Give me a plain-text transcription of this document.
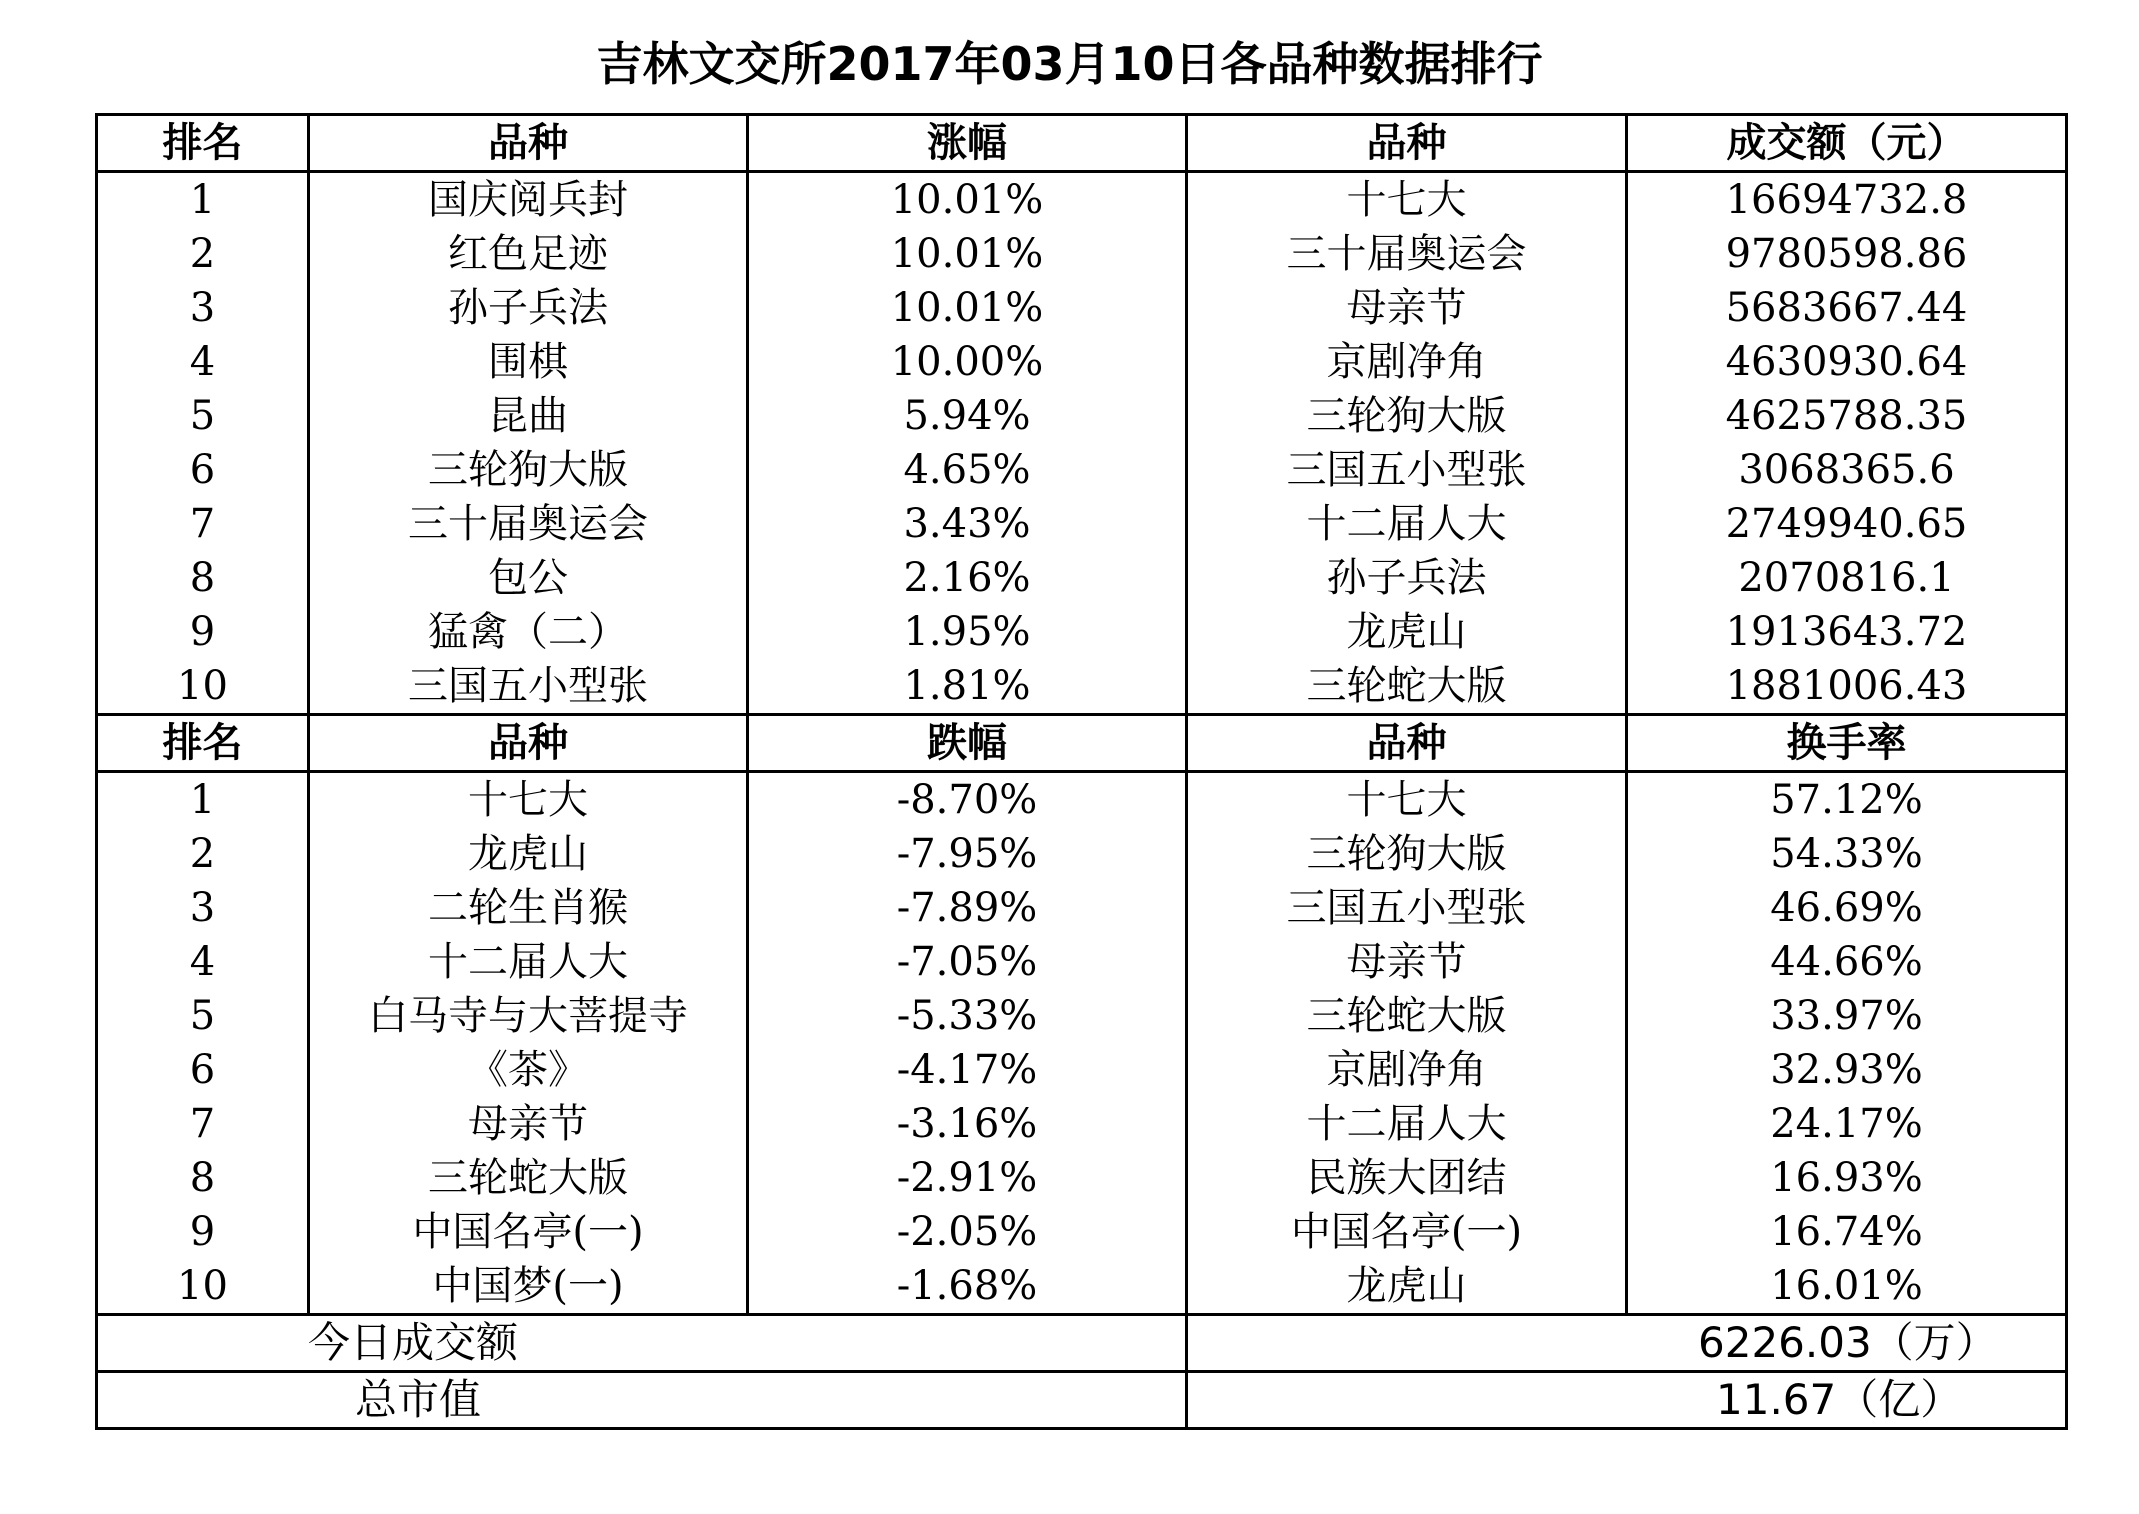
吉林文交所2017年03月10日各品种数据排行
排名	品种	涨幅	品种	成交额（元）
1	国庆阅兵封	10.01%	十七大	16694732.8
2	红色足迹	10.01%	三十届奥运会	9780598.86
3	孙子兵法	10.01%	母亲节	5683667.44
4	围棋	10.00%	京剧净角	4630930.64
5	昆曲	5.94%	三轮狗大版	4625788.35
6	三轮狗大版	4.65%	三国五小型张	3068365.6
7	三十届奥运会	3.43%	十二届人大	2749940.65
8	包公	2.16%	孙子兵法	2070816.1
9	猛禽（二）	1.95%	龙虎山	1913643.72
10	三国五小型张	1.81%	三轮蛇大版	1881006.43
排名	品种	跌幅	品种	换手率
1	十七大	-8.70%	十七大	57.12%
2	龙虎山	-7.95%	三轮狗大版	54.33%
3	二轮生肖猴	-7.89%	三国五小型张	46.69%
4	十二届人大	-7.05%	母亲节	44.66%
5	白马寺与大菩提寺	-5.33%	三轮蛇大版	33.97%
6	《茶》	-4.17%	京剧净角	32.93%
7	母亲节	-3.16%	十二届人大	24.17%
8	三轮蛇大版	-2.91%	民族大团结	16.93%
9	中国名亭(一)	-2.05%	中国名亭(一)	16.74%
10	中国梦(一)	-1.68%	龙虎山	16.01%
今日成交额			6226.03（万）	
总市值			11.67（亿）	
